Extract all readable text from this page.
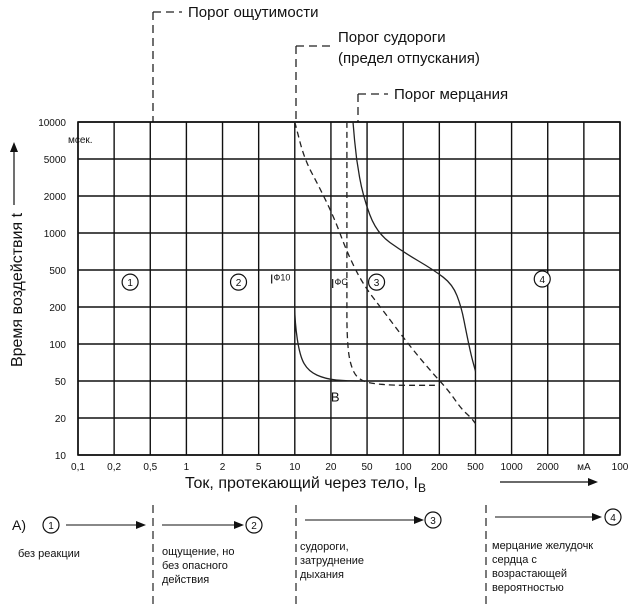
Порог ощутимости
Порог судороги
(предел отпускания)
Порог мерцания
0,1 0,2 0,5	1	2	5	10	20	50 100 200 500 1000 2000 мА 100
10
20
50
100
200
500
1000
2000
5000
10000
1	2	3	4
$I^{Ф10}$	$I^{ФС}$
В
мсек.
Время воздействия t
Ток, протекающий через тело, $I_В$
А) 1
без реакции
2
ощущение, но
без опасного
действия
3
судороги,
затруднение
дыхания
4
мерцание желудочк
сердца с
возрастающей
вероятностью
